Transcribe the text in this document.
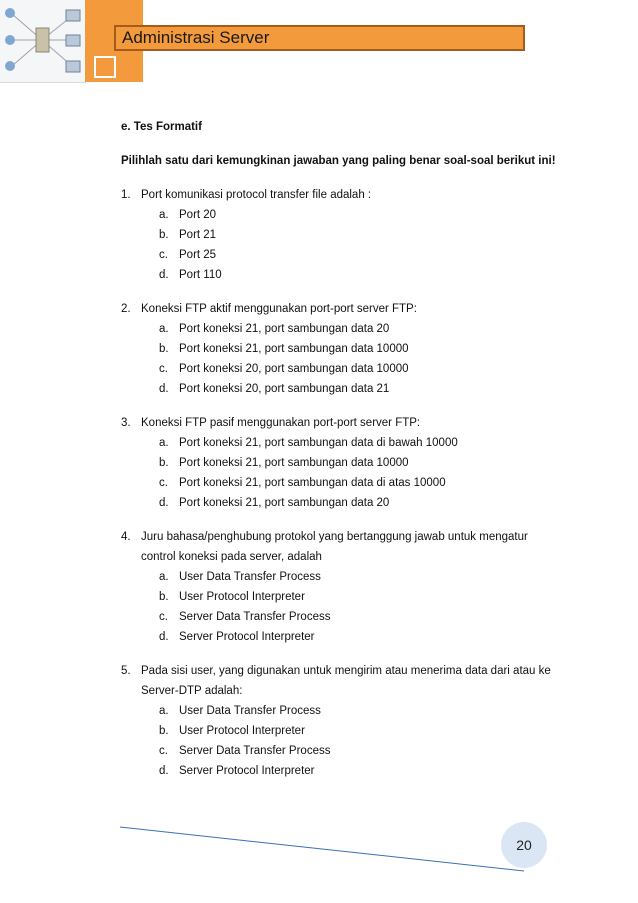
Administrasi Server
e. Tes Formatif
Pilihlah satu dari kemungkinan jawaban yang paling benar soal-soal berikut ini!
1. Port komunikasi protocol transfer file adalah :
a. Port 20
b. Port 21
c. Port 25
d. Port 110
2. Koneksi FTP aktif menggunakan port-port server FTP:
a. Port koneksi 21, port sambungan data 20
b. Port koneksi 21, port sambungan data 10000
c. Port koneksi 20, port sambungan data 10000
d. Port koneksi 20, port sambungan data 21
3. Koneksi FTP pasif menggunakan port-port server FTP:
a. Port koneksi 21, port sambungan data di bawah 10000
b. Port koneksi 21, port sambungan data 10000
c. Port koneksi 21, port sambungan data di atas 10000
d. Port koneksi 21, port sambungan data 20
4. Juru bahasa/penghubung protokol yang bertanggung jawab untuk mengatur control koneksi pada server, adalah
a. User Data Transfer Process
b. User Protocol Interpreter
c. Server Data Transfer Process
d. Server Protocol Interpreter
5. Pada sisi user, yang digunakan untuk mengirim atau menerima data dari atau ke Server-DTP adalah:
a. User Data Transfer Process
b. User Protocol Interpreter
c. Server Data Transfer Process
d. Server Protocol Interpreter
20
